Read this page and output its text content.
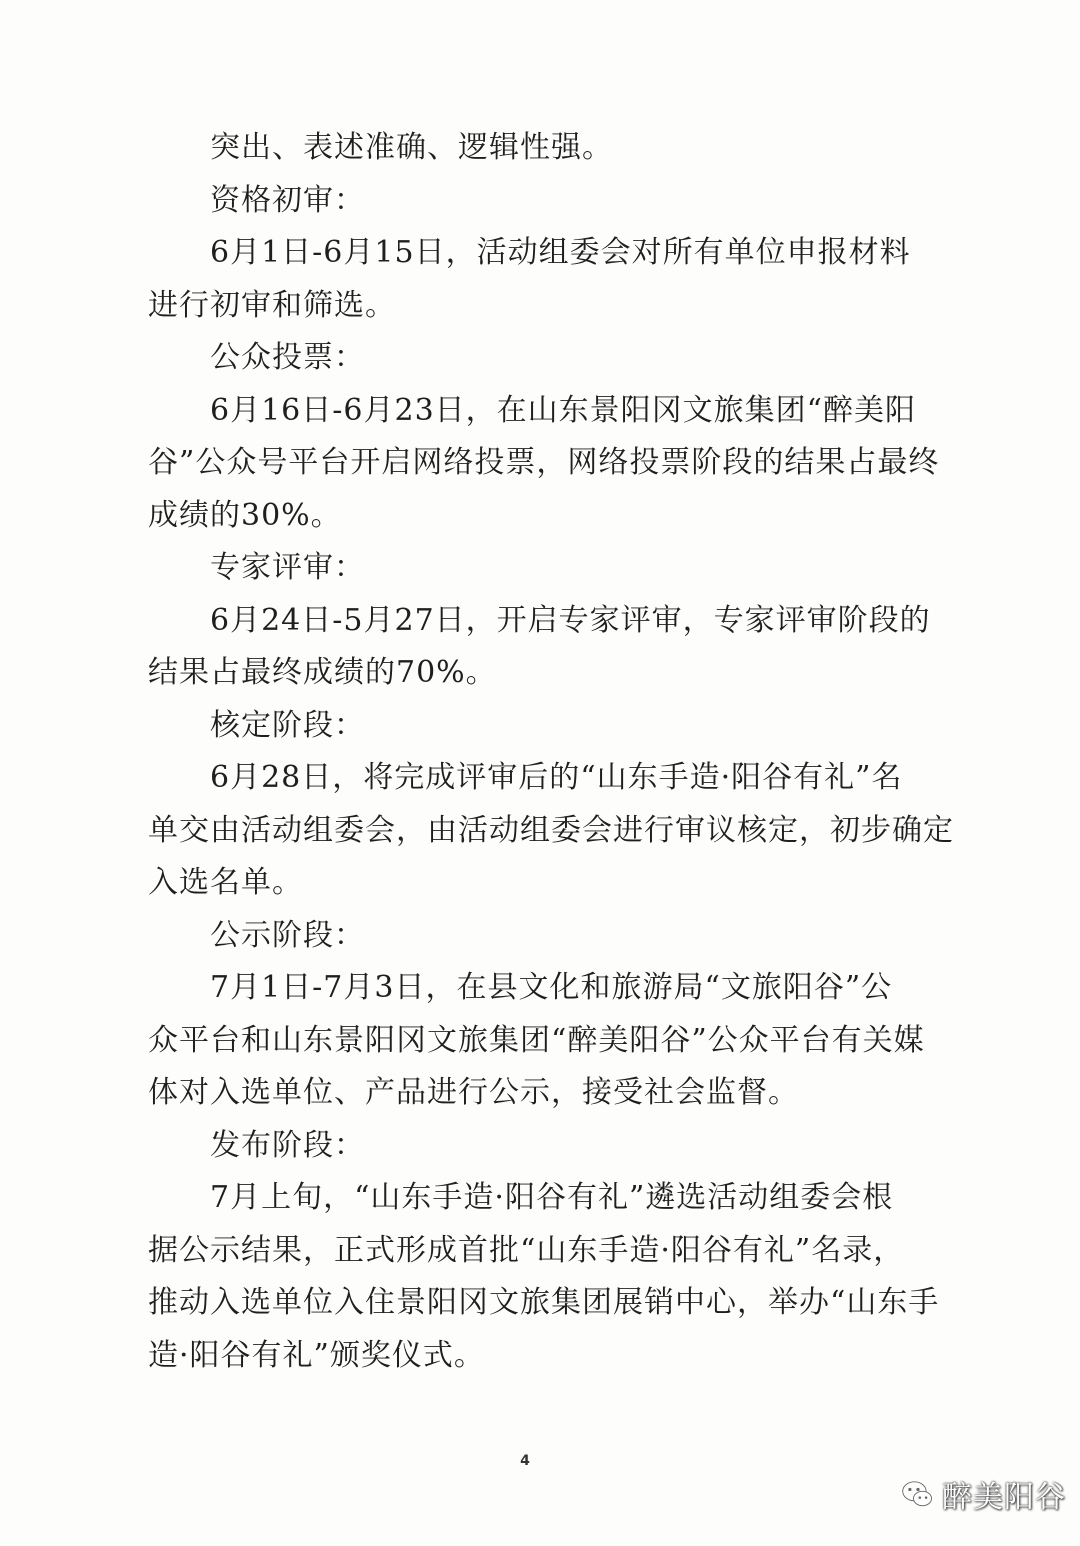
突出、表述准确、逻辑性强。
资格初审：
6月1日-6月15日，活动组委会对所有单位申报材料
进行初审和筛选。
公众投票：
6月16日-6月23日，在山东景阳冈文旅集团“醉美阳
谷”公众号平台开启网络投票，网络投票阶段的结果占最终
成绩的30%。
专家评审：
6月24日-5月27日，开启专家评审，专家评审阶段的
结果占最终成绩的70%。
核定阶段：
6月28日，将完成评审后的“山东手造·阳谷有礼”名
单交由活动组委会，由活动组委会进行审议核定，初步确定
入选名单。
公示阶段：
7月1日-7月3日，在县文化和旅游局“文旅阳谷”公
众平台和山东景阳冈文旅集团“醉美阳谷”公众平台有关媒
体对入选单位、产品进行公示，接受社会监督。
发布阶段：
7月上旬，“山东手造·阳谷有礼”遴选活动组委会根
据公示结果，正式形成首批“山东手造·阳谷有礼”名录，
推动入选单位入住景阳冈文旅集团展销中心，举办“山东手
造·阳谷有礼”颁奖仪式。
4
醉美阳谷
